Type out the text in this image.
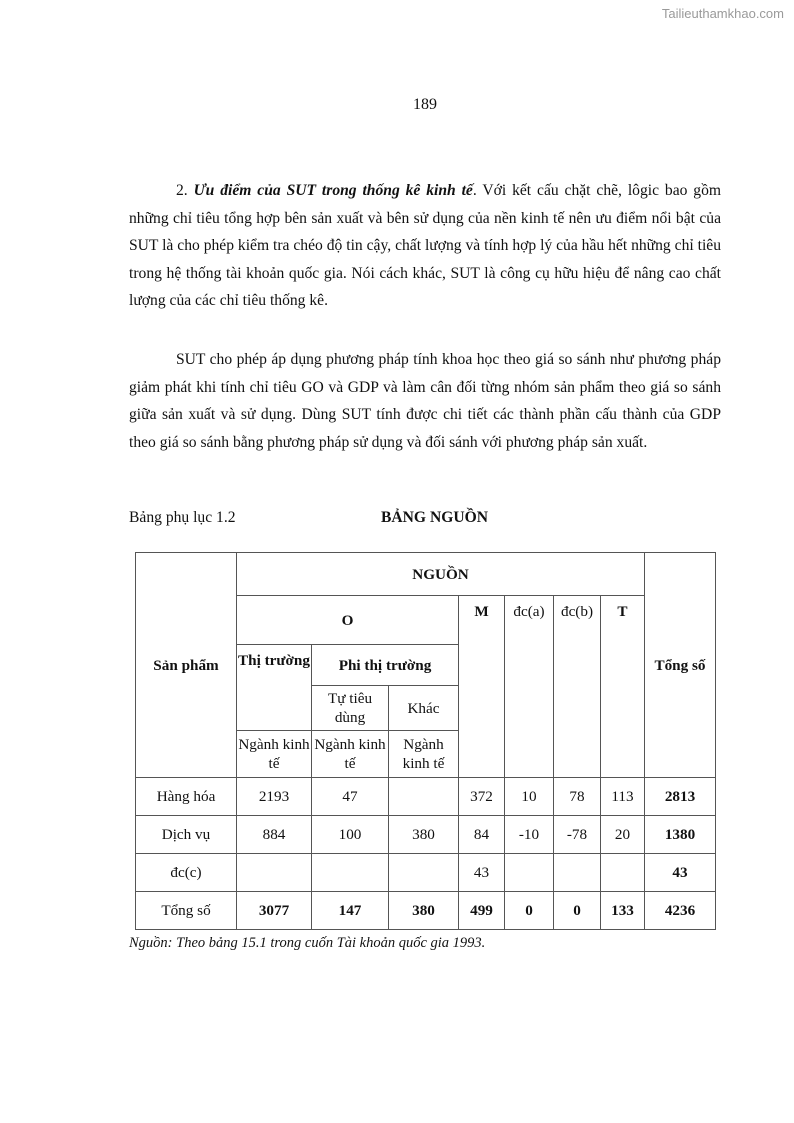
Tailieuthamkhao.com
189

2. Ưu điểm của SUT trong thống kê kinh tế. Với kết cấu chặt chẽ, lôgic bao gồm những chỉ tiêu tổng hợp bên sản xuất và bên sử dụng của nền kinh tế nên ưu điểm nổi bật của SUT là cho phép kiểm tra chéo độ tin cậy, chất lượng và tính hợp lý của hầu hết những chỉ tiêu trong hệ thống tài khoản quốc gia. Nói cách khác, SUT là công cụ hữu hiệu để nâng cao chất lượng của các chỉ tiêu thống kê.

SUT cho phép áp dụng phương pháp tính khoa học theo giá so sánh như phương pháp giảm phát khi tính chỉ tiêu GO và GDP và làm cân đối từng nhóm sản phẩm theo giá so sánh giữa sản xuất và sử dụng. Dùng SUT tính được chi tiết các thành phần cấu thành của GDP theo giá so sánh bằng phương pháp sử dụng và đối sánh với phương pháp sản xuất.

Bảng phụ lục 1.2	BẢNG NGUỒN
Sản phẩm	NGUỒN							Tổng số
	O			M	đc(a)	đc(b)	T	
	Thị trường	Phi thị trường						
		Tự tiêu dùng	Khác					
	Ngành kinh tế	Ngành kinh tế	Ngành kinh tế					
Hàng hóa	2193	47		372	10	78	113	2813
Dịch vụ	884	100	380	84	-10	-78	20	1380
đc(c)				43				43
Tổng số	3077	147	380	499	0	0	133	4236
Nguồn: Theo bảng 15.1 trong cuốn Tài khoản quốc gia 1993.
